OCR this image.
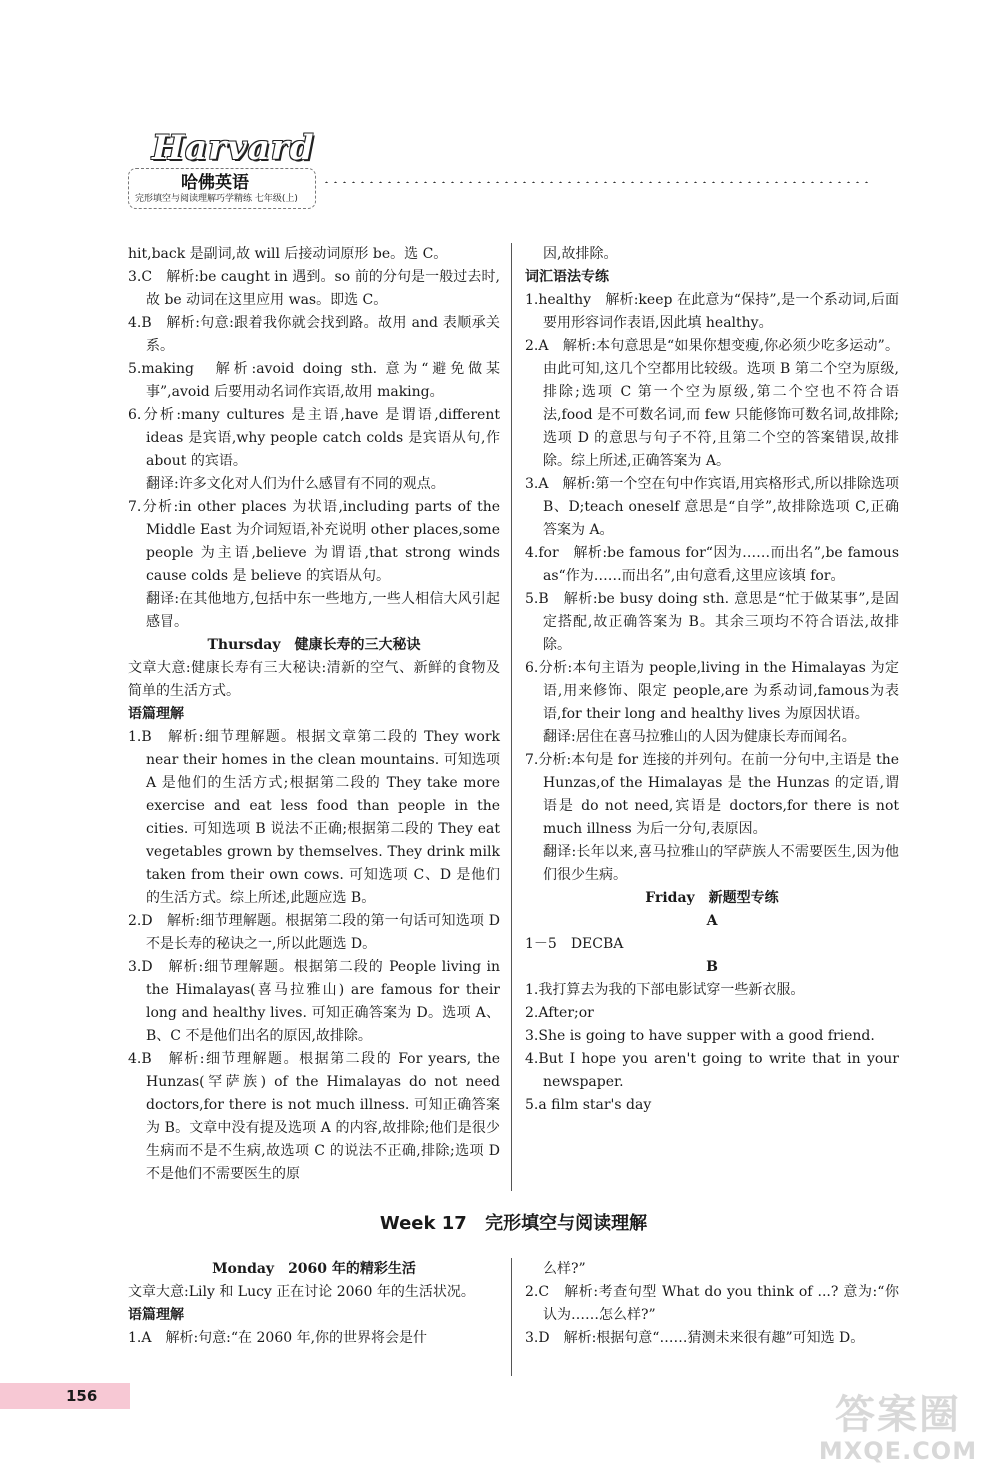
Harvard
哈佛英语
完形填空与阅读理解巧学精练 七年级(上)
hit,back 是副词,故 will 后接动词原形 be。选 C。
3.C　解析:be caught in 遇到。so 前的分句是一般过去时,故 be 动词在这里应用 was。即选 C。
4.B　解析:句意:跟着我你就会找到路。故用 and 表顺承关系。
5.making　解析:avoid doing sth. 意为“避免做某事”,avoid 后要用动名词作宾语,故用 making。
6.分析:many cultures 是主语,have 是谓语,different ideas 是宾语,why people catch colds 是宾语从句,作 about 的宾语。
翻译:许多文化对人们为什么感冒有不同的观点。
7.分析:in other places 为状语,including parts of the Middle East 为介词短语,补充说明 other places,some people 为主语,believe 为谓语,that strong winds cause colds 是 believe 的宾语从句。
翻译:在其他地方,包括中东一些地方,一些人相信大风引起感冒。
Thursday　健康长寿的三大秘诀
文章大意:健康长寿有三大秘诀:清新的空气、新鲜的食物及简单的生活方式。
语篇理解
1.B　解析:细节理解题。根据文章第二段的 They work near their homes in the clean mountains. 可知选项 A 是他们的生活方式;根据第二段的 They take more exercise and eat less food than people in the cities. 可知选项 B 说法不正确;根据第二段的 They eat vegetables grown by themselves. They drink milk taken from their own cows. 可知选项 C、D 是他们的生活方式。综上所述,此题应选 B。
2.D　解析:细节理解题。根据第二段的第一句话可知选项 D 不是长寿的秘诀之一,所以此题选 D。
3.D　解析:细节理解题。根据第二段的 People living in the Himalayas(喜马拉雅山) are famous for their long and healthy lives. 可知正确答案为 D。选项 A、B、C 不是他们出名的原因,故排除。
4.B　解析:细节理解题。根据第二段的 For years, the Hunzas(罕萨族) of the Himalayas do not need doctors,for there is not much illness. 可知正确答案为 B。文章中没有提及选项 A 的内容,故排除;他们是很少生病而不是不生病,故选项 C 的说法不正确,排除;选项 D 不是他们不需要医生的原
因,故排除。
词汇语法专练
1.healthy　解析:keep 在此意为“保持”,是一个系动词,后面要用形容词作表语,因此填 healthy。
2.A　解析:本句意思是“如果你想变瘦,你必须少吃多运动”。由此可知,这几个空都用比较级。选项 B 第二个空为原级,排除;选项 C 第一个空为原级,第二个空也不符合语法,food 是不可数名词,而 few 只能修饰可数名词,故排除;选项 D 的意思与句子不符,且第二个空的答案错误,故排除。综上所述,正确答案为 A。
3.A　解析:第一个空在句中作宾语,用宾格形式,所以排除选项 B、D;teach oneself 意思是“自学”,故排除选项 C,正确答案为 A。
4.for　解析:be famous for“因为……而出名”,be famous as“作为……而出名”,由句意看,这里应该填 for。
5.B　解析:be busy doing sth. 意思是“忙于做某事”,是固定搭配,故正确答案为 B。其余三项均不符合语法,故排除。
6.分析:本句主语为 people,living in the Himalayas 为定语,用来修饰、限定 people,are 为系动词,famous为表语,for their long and healthy lives 为原因状语。
翻译:居住在喜马拉雅山的人因为健康长寿而闻名。
7.分析:本句是 for 连接的并列句。在前一分句中,主语是 the Hunzas,of the Himalayas 是 the Hunzas 的定语,谓语是 do not need,宾语是 doctors,for there is not much illness 为后一分句,表原因。
翻译:长年以来,喜马拉雅山的罕萨族人不需要医生,因为他们很少生病。
Friday　新题型专练
A
1－5　DECBA
B
1.我打算去为我的下部电影试穿一些新衣服。
2.After;or
3.She is going to have supper with a good friend.
4.But I hope you aren't going to write that in your newspaper.
5.a film star's day
Week 17 完形填空与阅读理解
Monday　2060 年的精彩生活
文章大意:Lily 和 Lucy 正在讨论 2060 年的生活状况。
语篇理解
1.A　解析:句意:“在 2060 年,你的世界将会是什
么样?”
2.C　解析:考查句型 What do you think of ...? 意为:“你认为……怎么样?”
3.D　解析:根据句意“……猜测未来很有趣”可知选 D。
156	答案圈
MXQE.COM
